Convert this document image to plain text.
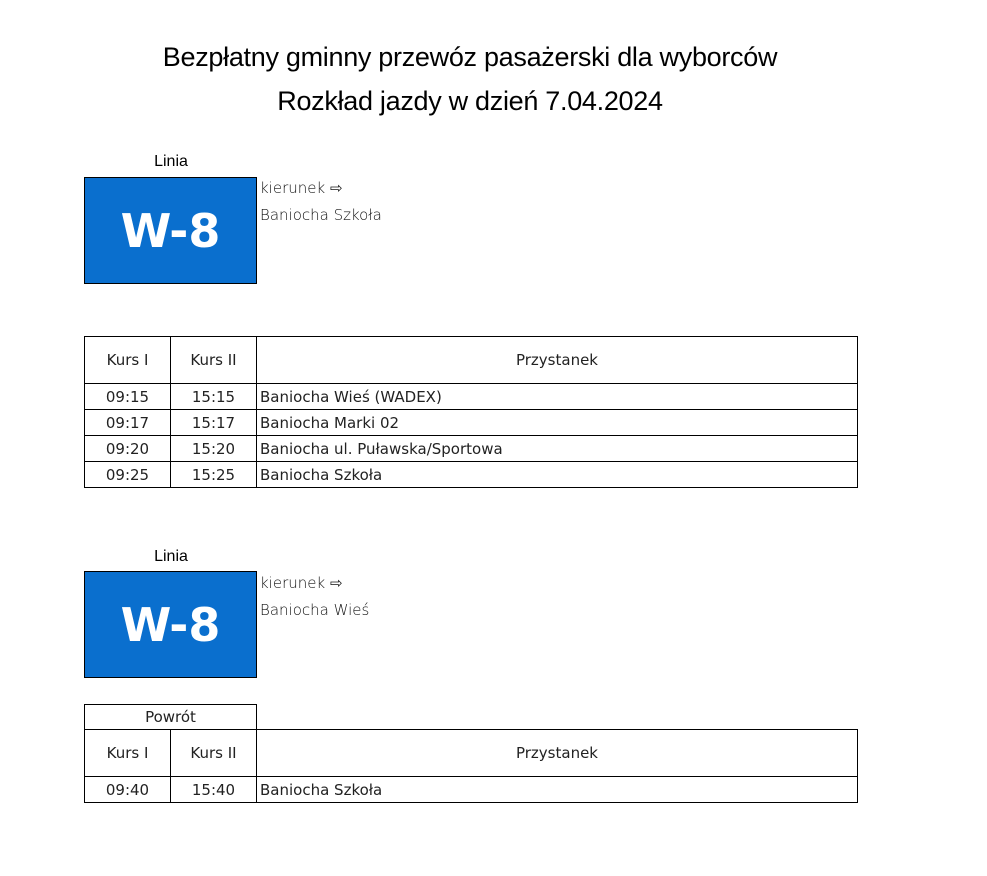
Bezpłatny gminny przewóz pasażerski dla wyborców
Rozkład jazdy w dzień 7.04.2024
Linia
W-8
kierunek ⇨
Baniocha Szkoła
Kurs I	Kurs II	Przystanek
09:15	15:15	Baniocha Wieś (WADEX)
09:17	15:17	Baniocha Marki 02
09:20	15:20	Baniocha ul. Puławska/Sportowa
09:25	15:25	Baniocha Szkoła
Linia
W-8
kierunek ⇨
Baniocha Wieś
Powrót		
Kurs I	Kurs II	Przystanek
09:40	15:40	Baniocha Szkoła
